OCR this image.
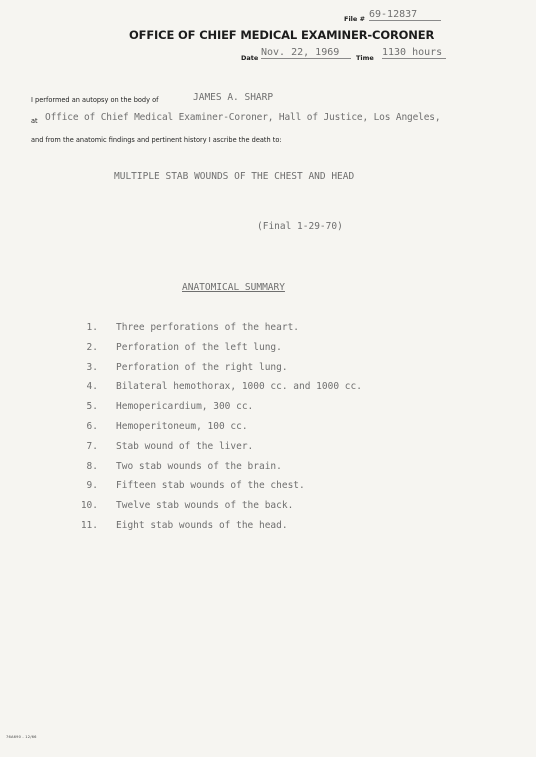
File # 69-12837
OFFICE OF CHIEF MEDICAL EXAMINER-CORONER
Date Nov. 22, 1969	Time 1130 hours
I performed an autopsy on the body of	JAMES A. SHARP
at Office of Chief Medical Examiner-Coroner, Hall of Justice, Los Angeles,
and from the anatomic findings and pertinent history I ascribe the death to:
MULTIPLE STAB WOUNDS OF THE CHEST AND HEAD
(Final 1-29-70)
ANATOMICAL SUMMARY
1. Three perforations of the heart.
2. Perforation of the left lung.
3. Perforation of the right lung.
4. Bilateral hemothorax, 1000 cc. and 1000 cc.
5. Hemopericardium, 300 cc.
6. Hemoperitoneum, 100 cc.
7. Stab wound of the liver.
8. Two stab wounds of the brain.
9. Fifteen stab wounds of the chest.
10. Twelve stab wounds of the back.
11. Eight stab wounds of the head.
76A690 - 12/66
